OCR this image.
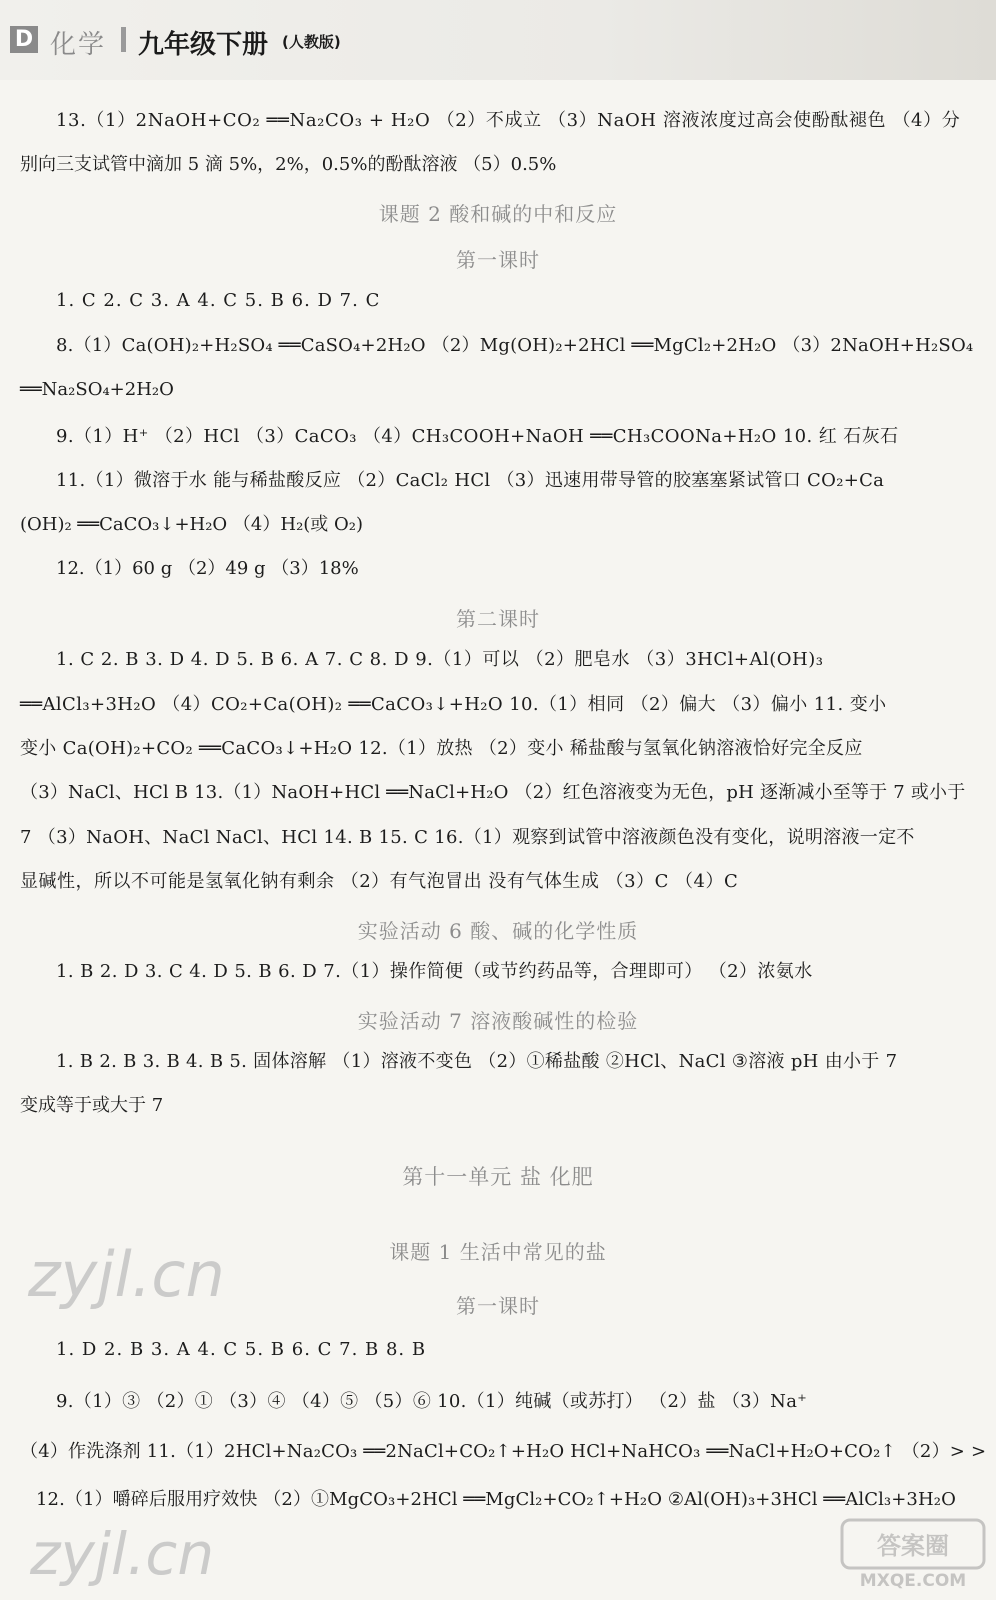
D 化学 九年级下册 (人教版)
13.（1）2NaOH+CO₂ ══Na₂CO₃ + H₂O （2）不成立 （3）NaOH 溶液浓度过高会使酚酞褪色 （4）分
别向三支试管中滴加 5 滴 5%，2%，0.5%的酚酞溶液 （5）0.5%
课题 2 酸和碱的中和反应
第一课时
1. C 2. C 3. A 4. C 5. B 6. D 7. C
8.（1）Ca(OH)₂+H₂SO₄ ══CaSO₄+2H₂O （2）Mg(OH)₂+2HCl ══MgCl₂+2H₂O （3）2NaOH+H₂SO₄
══Na₂SO₄+2H₂O
9.（1）H⁺ （2）HCl （3）CaCO₃ （4）CH₃COOH+NaOH ══CH₃COONa+H₂O 10. 红 石灰石
11.（1）微溶于水 能与稀盐酸反应 （2）CaCl₂ HCl （3）迅速用带导管的胶塞塞紧试管口 CO₂+Ca
(OH)₂ ══CaCO₃↓+H₂O （4）H₂(或 O₂)
12.（1）60 g （2）49 g （3）18%
第二课时
1. C 2. B 3. D 4. D 5. B 6. A 7. C 8. D 9.（1）可以 （2）肥皂水 （3）3HCl+Al(OH)₃
══AlCl₃+3H₂O （4）CO₂+Ca(OH)₂ ══CaCO₃↓+H₂O 10.（1）相同 （2）偏大 （3）偏小 11. 变小
变小 Ca(OH)₂+CO₂ ══CaCO₃↓+H₂O 12.（1）放热 （2）变小 稀盐酸与氢氧化钠溶液恰好完全反应
（3）NaCl、HCl B 13.（1）NaOH+HCl ══NaCl+H₂O （2）红色溶液变为无色，pH 逐渐减小至等于 7 或小于
7 （3）NaOH、NaCl NaCl、HCl 14. B 15. C 16.（1）观察到试管中溶液颜色没有变化，说明溶液一定不
显碱性，所以不可能是氢氧化钠有剩余 （2）有气泡冒出 没有气体生成 （3）C （4）C
实验活动 6 酸、碱的化学性质
1. B 2. D 3. C 4. D 5. B 6. D 7.（1）操作简便（或节约药品等，合理即可） （2）浓氨水
实验活动 7 溶液酸碱性的检验
1. B 2. B 3. B 4. B 5. 固体溶解 （1）溶液不变色 （2）①稀盐酸 ②HCl、NaCl ③溶液 pH 由小于 7
变成等于或大于 7
第十一单元 盐 化肥
课题 1 生活中常见的盐
第一课时
1. D 2. B 3. A 4. C 5. B 6. C 7. B 8. B
9.（1）③ （2）① （3）④ （4）⑤ （5）⑥ 10.（1）纯碱（或苏打） （2）盐 （3）Na⁺
（4）作洗涤剂 11.（1）2HCl+Na₂CO₃ ══2NaCl+CO₂↑+H₂O HCl+NaHCO₃ ══NaCl+H₂O+CO₂↑ （2）> >
12.（1）嚼碎后服用疗效快 （2）①MgCO₃+2HCl ══MgCl₂+CO₂↑+H₂O ②Al(OH)₃+3HCl ══AlCl₃+3H₂O
zyjl.cn
zyjl.cn	答案圈
MXQE.COM
